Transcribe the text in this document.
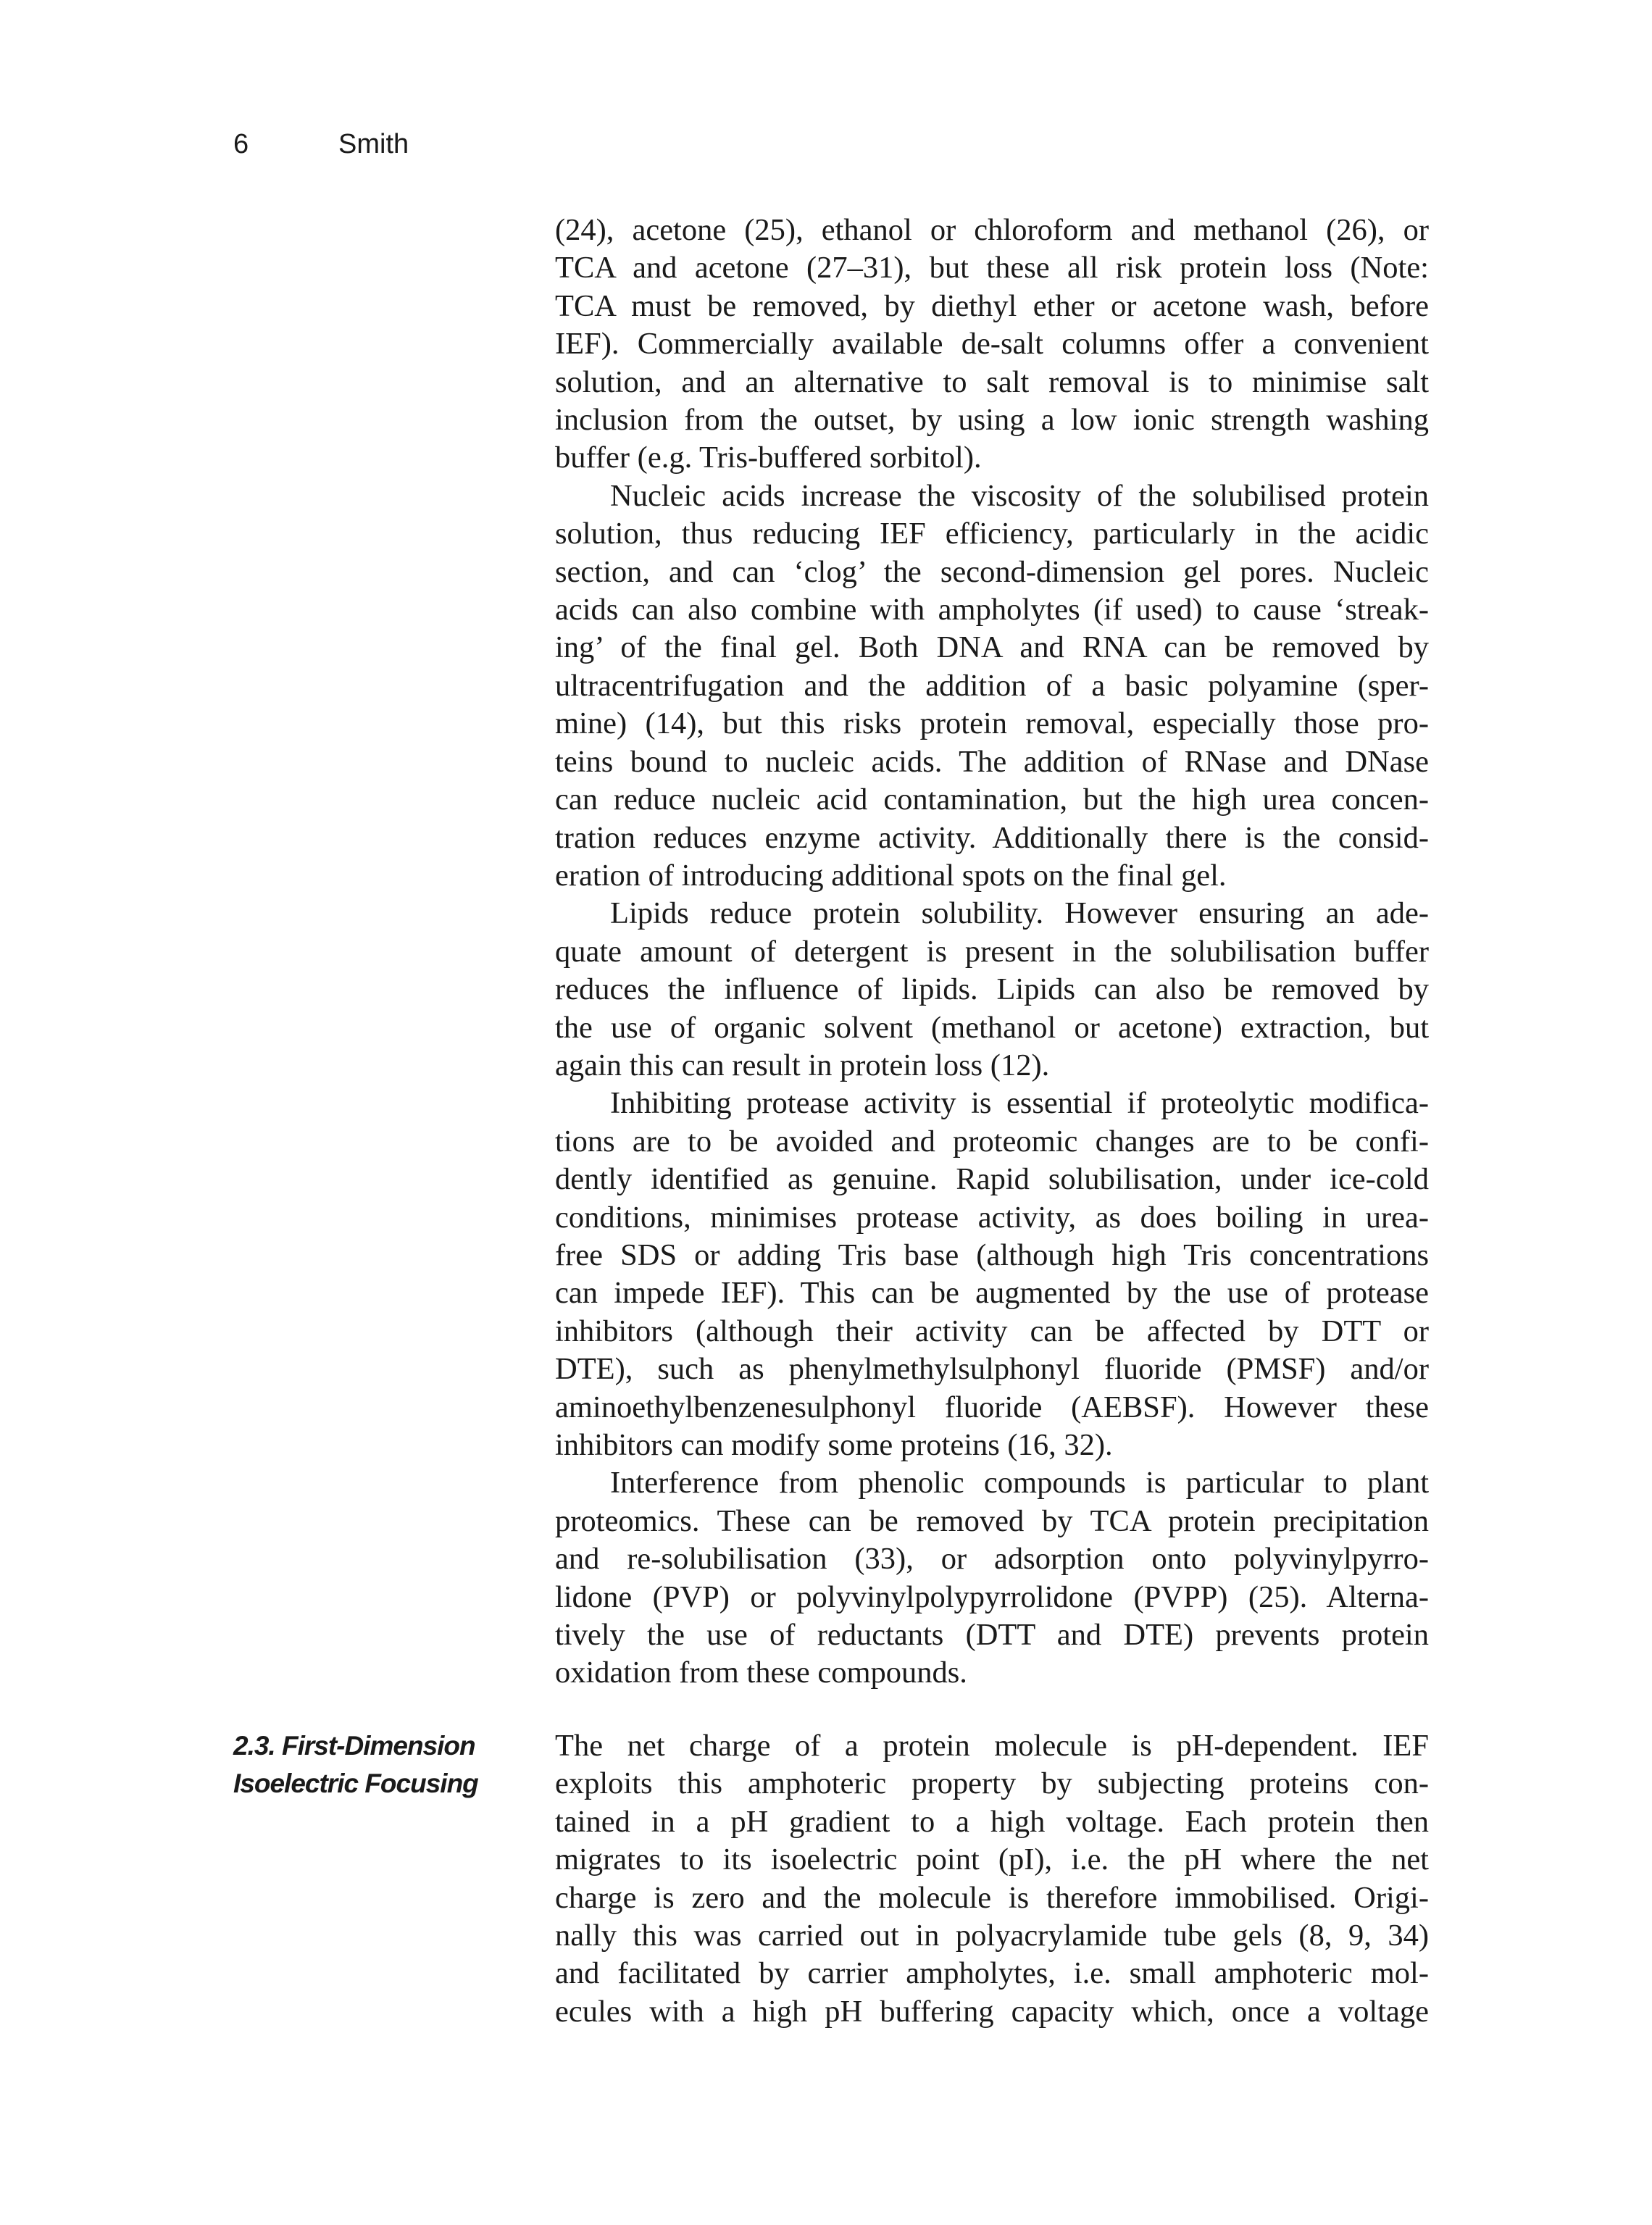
6	Smith

(24), acetone (25), ethanol or chloroform and methanol (26), or
TCA and acetone (27–31), but these all risk protein loss (Note:
TCA must be removed, by diethyl ether or acetone wash, before
IEF). Commercially available de-salt columns offer a convenient
solution, and an alternative to salt removal is to minimise salt
inclusion from the outset, by using a low ionic strength washing
buffer (e.g. Tris-buffered sorbitol).

Nucleic acids increase the viscosity of the solubilised protein
solution, thus reducing IEF efficiency, particularly in the acidic
section, and can ‘clog’ the second-dimension gel pores. Nucleic
acids can also combine with ampholytes (if used) to cause ‘streak-
ing’ of the final gel. Both DNA and RNA can be removed by
ultracentrifugation and the addition of a basic polyamine (sper-
mine) (14), but this risks protein removal, especially those pro-
teins bound to nucleic acids. The addition of RNase and DNase
can reduce nucleic acid contamination, but the high urea concen-
tration reduces enzyme activity. Additionally there is the consid-
eration of introducing additional spots on the final gel.

Lipids reduce protein solubility. However ensuring an ade-
quate amount of detergent is present in the solubilisation buffer
reduces the influence of lipids. Lipids can also be removed by
the use of organic solvent (methanol or acetone) extraction, but
again this can result in protein loss (12).

Inhibiting protease activity is essential if proteolytic modifica-
tions are to be avoided and proteomic changes are to be confi-
dently identified as genuine. Rapid solubilisation, under ice-cold
conditions, minimises protease activity, as does boiling in urea-
free SDS or adding Tris base (although high Tris concentrations
can impede IEF). This can be augmented by the use of protease
inhibitors (although their activity can be affected by DTT or
DTE), such as phenylmethylsulphonyl fluoride (PMSF) and/or
aminoethylbenzenesulphonyl fluoride (AEBSF). However these
inhibitors can modify some proteins (16, 32).

Interference from phenolic compounds is particular to plant
proteomics. These can be removed by TCA protein precipitation
and re-solubilisation (33), or adsorption onto polyvinylpyrro-
lidone (PVP) or polyvinylpolypyrrolidone (PVPP) (25). Alterna-
tively the use of reductants (DTT and DTE) prevents protein
oxidation from these compounds.

2.3. First-Dimension
Isoelectric Focusing
The net charge of a protein molecule is pH-dependent. IEF
exploits this amphoteric property by subjecting proteins con-
tained in a pH gradient to a high voltage. Each protein then
migrates to its isoelectric point (pI), i.e. the pH where the net
charge is zero and the molecule is therefore immobilised. Origi-
nally this was carried out in polyacrylamide tube gels (8, 9, 34)
and facilitated by carrier ampholytes, i.e. small amphoteric mol-
ecules with a high pH buffering capacity which, once a voltage
